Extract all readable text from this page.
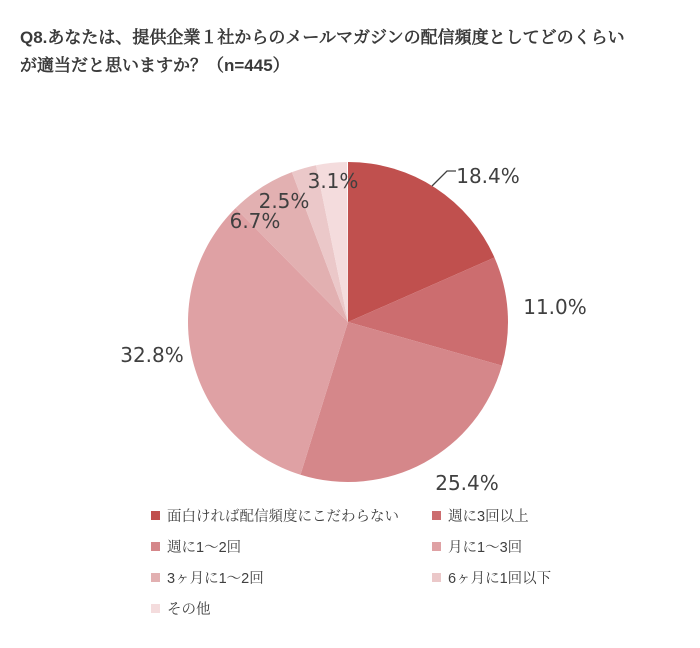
Q8.あなたは、提供企業１社からのメールマガジンの配信頻度としてどのくらい
が適当だと思いますか？（n=445）
18.4%
11.0%
25.4%
32.8%
6.7%
2.5%
3.1%
面白ければ配信頻度にこだわらない	週に3回以上
週に1～2回	月に1～3回
3ヶ月に1～2回	6ヶ月に1回以下
その他
